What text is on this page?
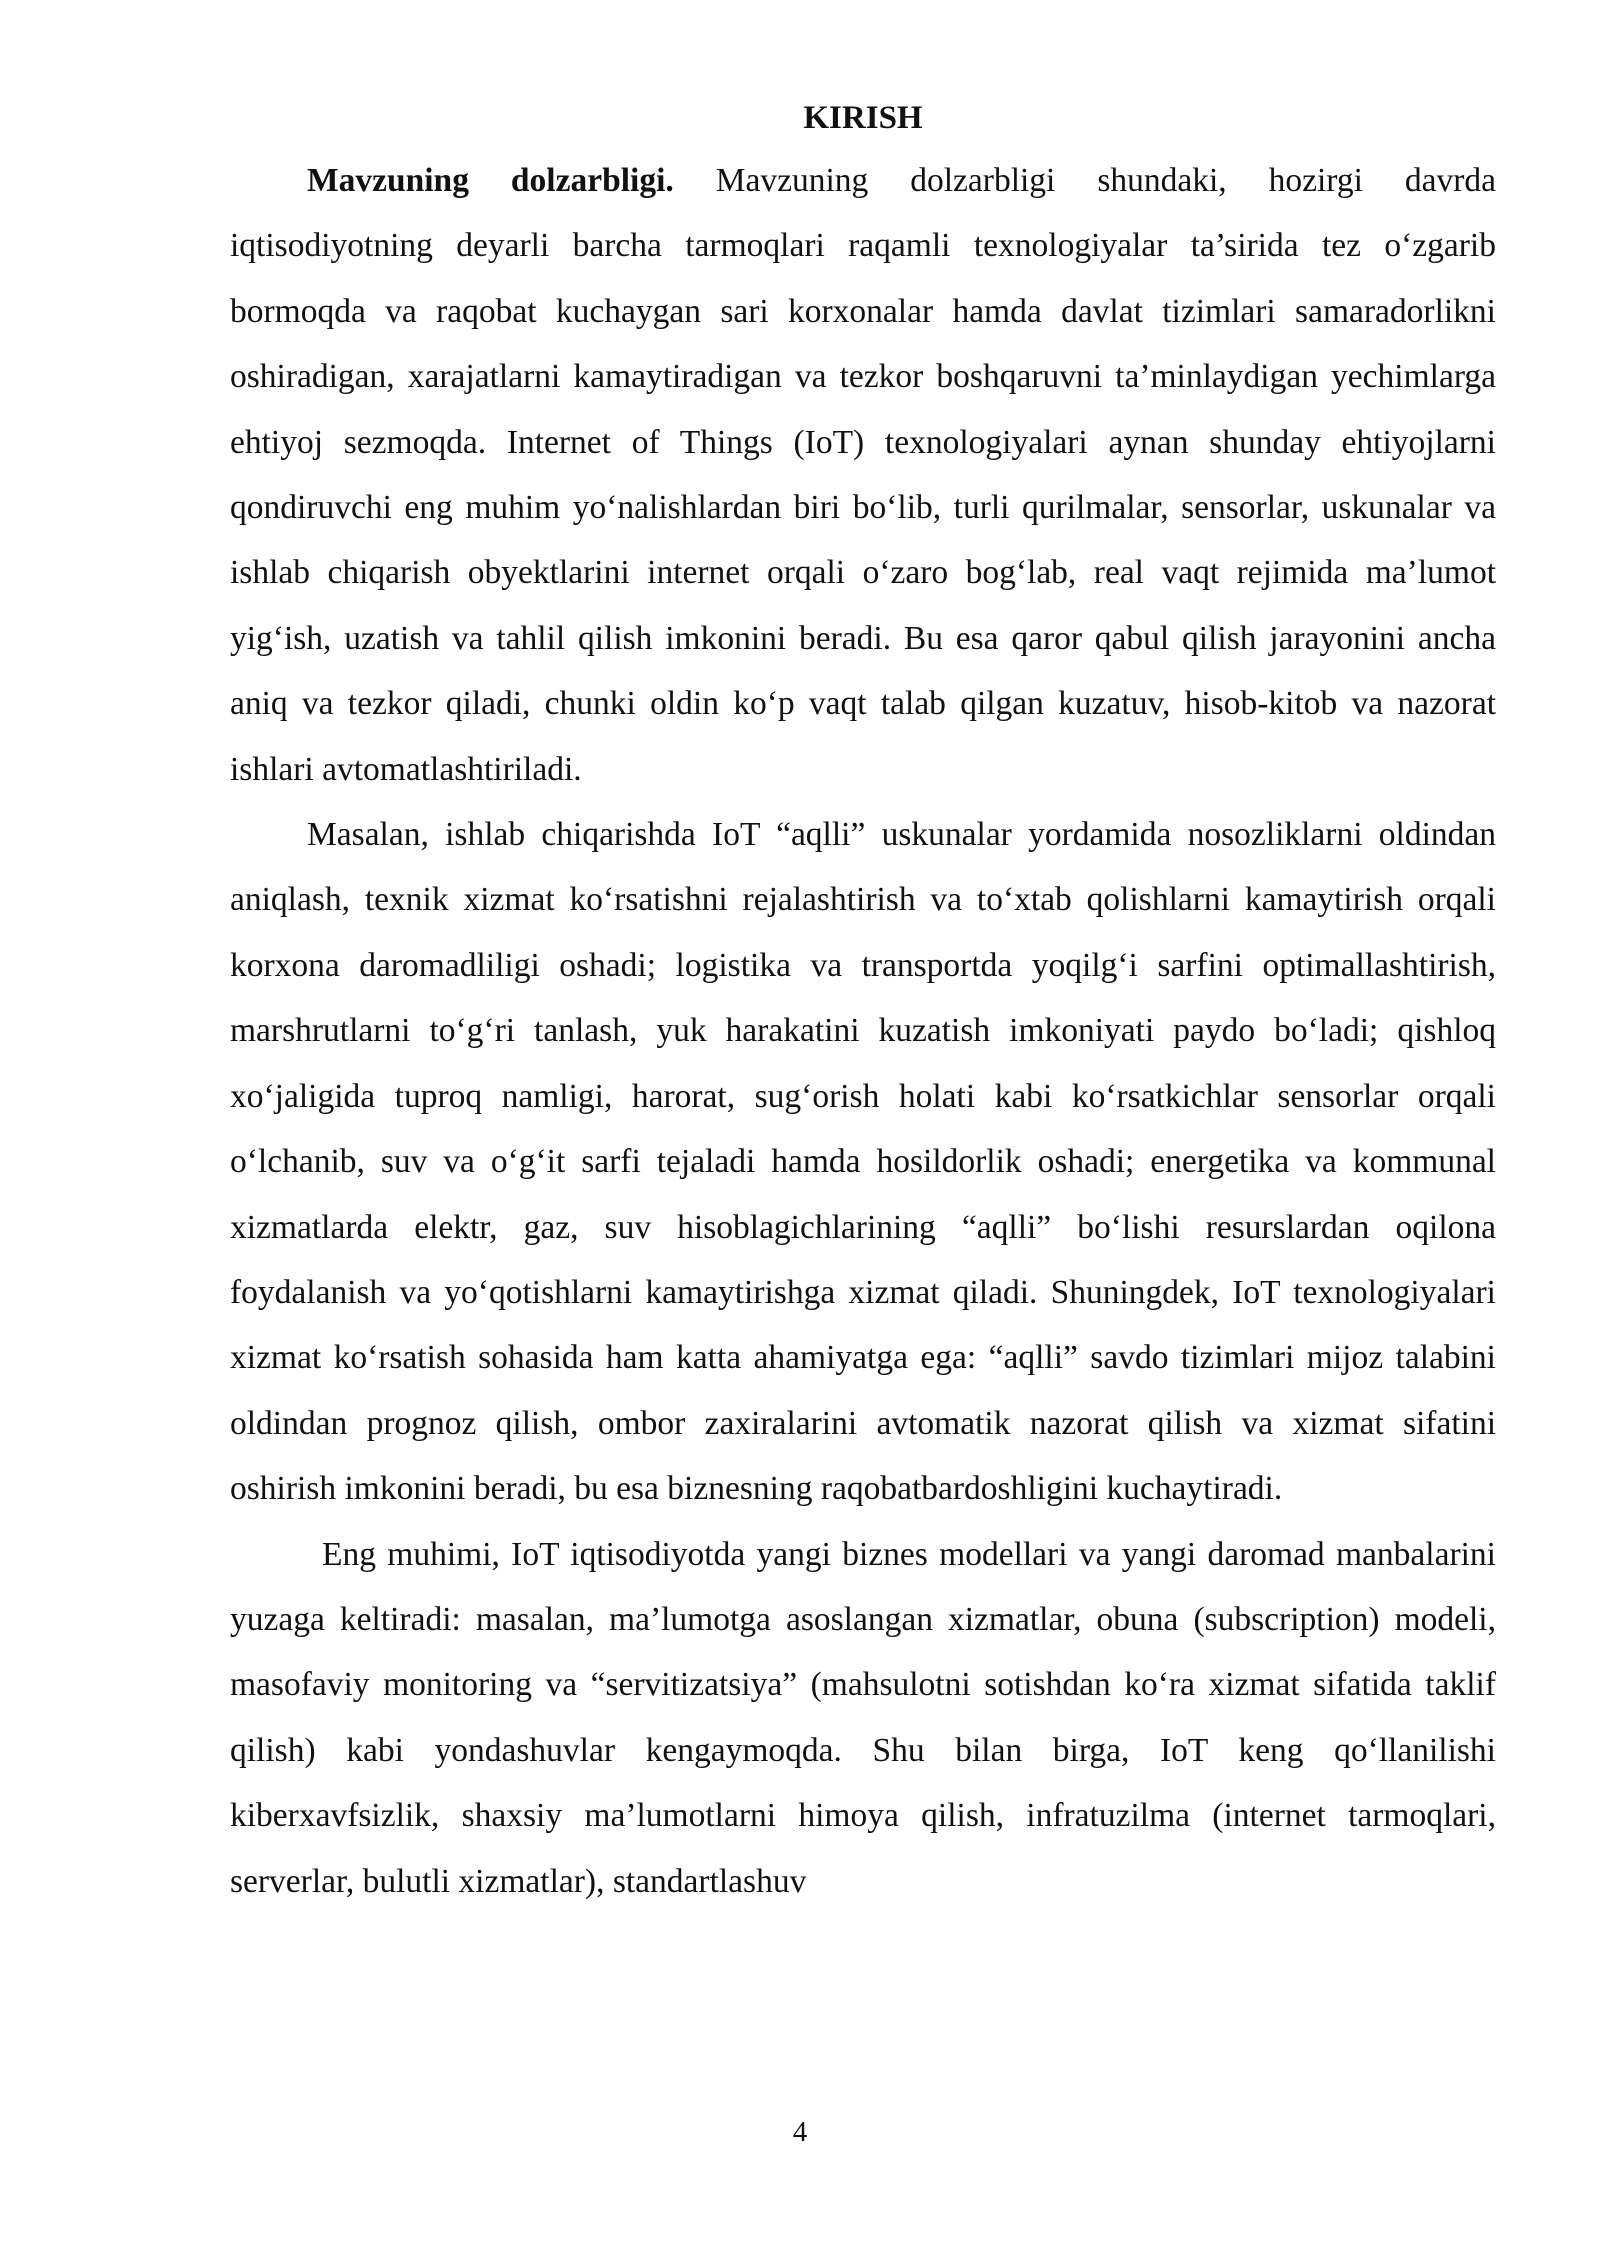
KIRISH

Mavzuning dolzarbligi. Mavzuning dolzarbligi shundaki, hozirgi davrda iqtisodiyotning deyarli barcha tarmoqlari raqamli texnologiyalar ta’sirida tez o‘zgarib bormoqda va raqobat kuchaygan sari korxonalar hamda davlat tizimlari samaradorlikni oshiradigan, xarajatlarni kamaytiradigan va tezkor boshqaruvni ta’minlaydigan yechimlarga ehtiyoj sezmoqda. Internet of Things (IoT) texnologiyalari aynan shunday ehtiyojlarni qondiruvchi eng muhim yo‘nalishlardan biri bo‘lib, turli qurilmalar, sensorlar, uskunalar va ishlab chiqarish obyektlarini internet orqali o‘zaro bog‘lab, real vaqt rejimida ma’lumot yig‘ish, uzatish va tahlil qilish imkonini beradi. Bu esa qaror qabul qilish jarayonini ancha aniq va tezkor qiladi, chunki oldin ko‘p vaqt talab qilgan kuzatuv, hisob-kitob va nazorat ishlari avtomatlashtiriladi.

Masalan, ishlab chiqarishda IoT “aqlli” uskunalar yordamida nosozliklarni oldindan aniqlash, texnik xizmat ko‘rsatishni rejalashtirish va to‘xtab qolishlarni kamaytirish orqali korxona daromadliligi oshadi; logistika va transportda yoqilg‘i sarfini optimallashtirish, marshrutlarni to‘g‘ri tanlash, yuk harakatini kuzatish imkoniyati paydo bo‘ladi; qishloq xo‘jaligida tuproq namligi, harorat, sug‘orish holati kabi ko‘rsatkichlar sensorlar orqali o‘lchanib, suv va o‘g‘it sarfi tejaladi hamda hosildorlik oshadi; energetika va kommunal xizmatlarda elektr, gaz, suv hisoblagichlarining “aqlli” bo‘lishi resurslardan oqilona foydalanish va yo‘qotishlarni kamaytirishga xizmat qiladi. Shuningdek, IoT texnologiyalari xizmat ko‘rsatish sohasida ham katta ahamiyatga ega: “aqlli” savdo tizimlari mijoz talabini oldindan prognoz qilish, ombor zaxiralarini avtomatik nazorat qilish va xizmat sifatini oshirish imkonini beradi, bu esa biznesning raqobatbardoshligini kuchaytiradi.

Eng muhimi, IoT iqtisodiyotda yangi biznes modellari va yangi daromad manbalarini yuzaga keltiradi: masalan, ma’lumotga asoslangan xizmatlar, obuna (subscription) modeli, masofaviy monitoring va “servitizatsiya” (mahsulotni sotishdan ko‘ra xizmat sifatida taklif qilish) kabi yondashuvlar kengaymoqda. Shu bilan birga, IoT keng qo‘llanilishi kiberxavfsizlik, shaxsiy ma’lumotlarni himoya qilish, infratuzilma (internet tarmoqlari, serverlar, bulutli xizmatlar), standartlashuv

4
